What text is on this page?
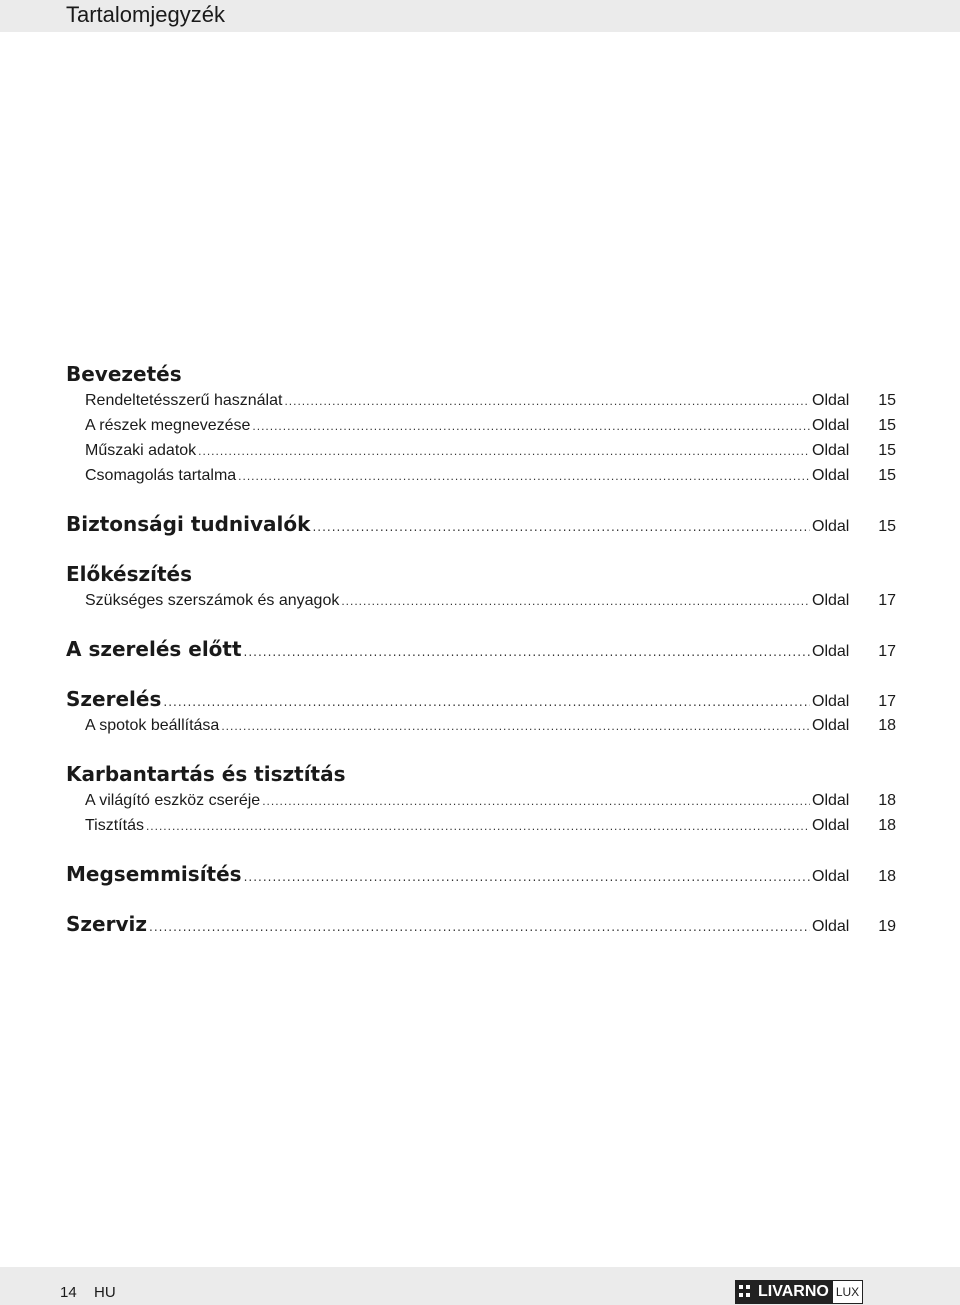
Tartalomjegyzék
Bevezetés
Rendeltetésszerű használat .....	Oldal	15
A részek megnevezése .....	Oldal	15
Műszaki adatok .....	Oldal	15
Csomagolás tartalma .....	Oldal	15
Biztonsági tudnivalók .....	Oldal	15
Előkészítés
Szükséges szerszámok és anyagok .....	Oldal	17
A szerelés előtt .....	Oldal	17
Szerelés .....	Oldal	17
A spotok beállítása .....	Oldal	18
Karbantartás és tisztítás
A világító eszköz cseréje .....	Oldal	18
Tisztítás .....	Oldal	18
Megsemmisítés .....	Oldal	18
Szerviz .....	Oldal	19
14 HU	LIVARNO LUX
